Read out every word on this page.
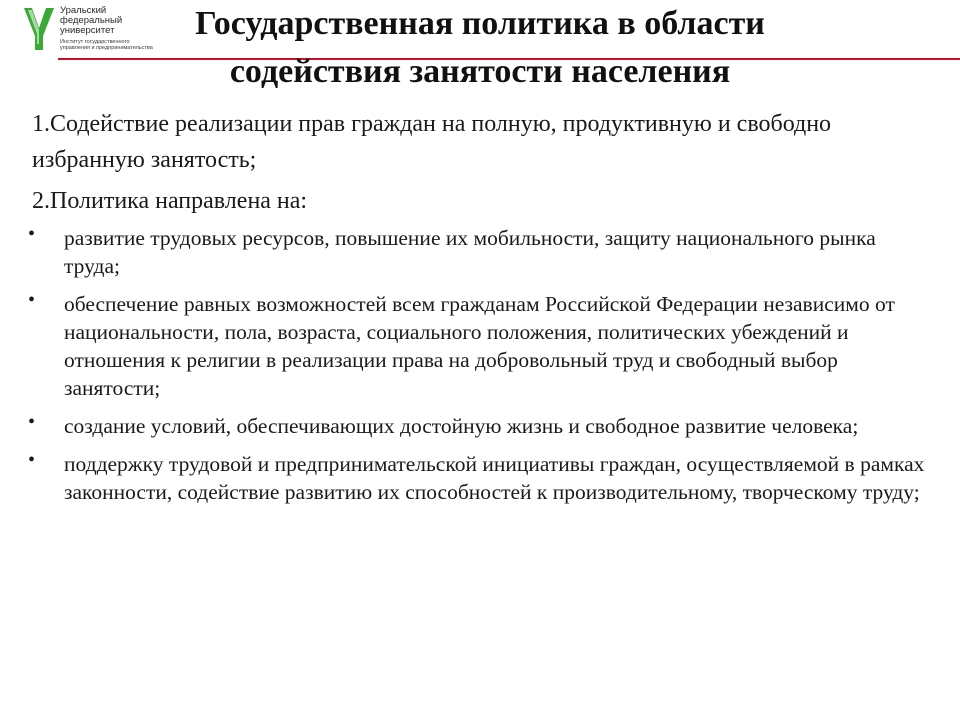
Уральский
федеральный
университет
Институт государственного
управления и предпринимательства
Государственная политика в области
содействия занятости населения

1.Содействие реализации прав граждан на полную, продуктивную и свободно избранную занятость;

2.Политика направлена на:

• развитие трудовых ресурсов, повышение их мобильности, защиту национального рынка труда;
• обеспечение равных возможностей всем гражданам Российской Федерации независимо от национальности, пола, возраста, социального положения, политических убеждений и отношения к религии в реализации права на добровольный труд и свободный выбор занятости;
• создание условий, обеспечивающих достойную жизнь и свободное развитие человека;
• поддержку трудовой и предпринимательской инициативы граждан, осуществляемой в рамках законности, содействие развитию их способностей к производительному, творческому труду;
